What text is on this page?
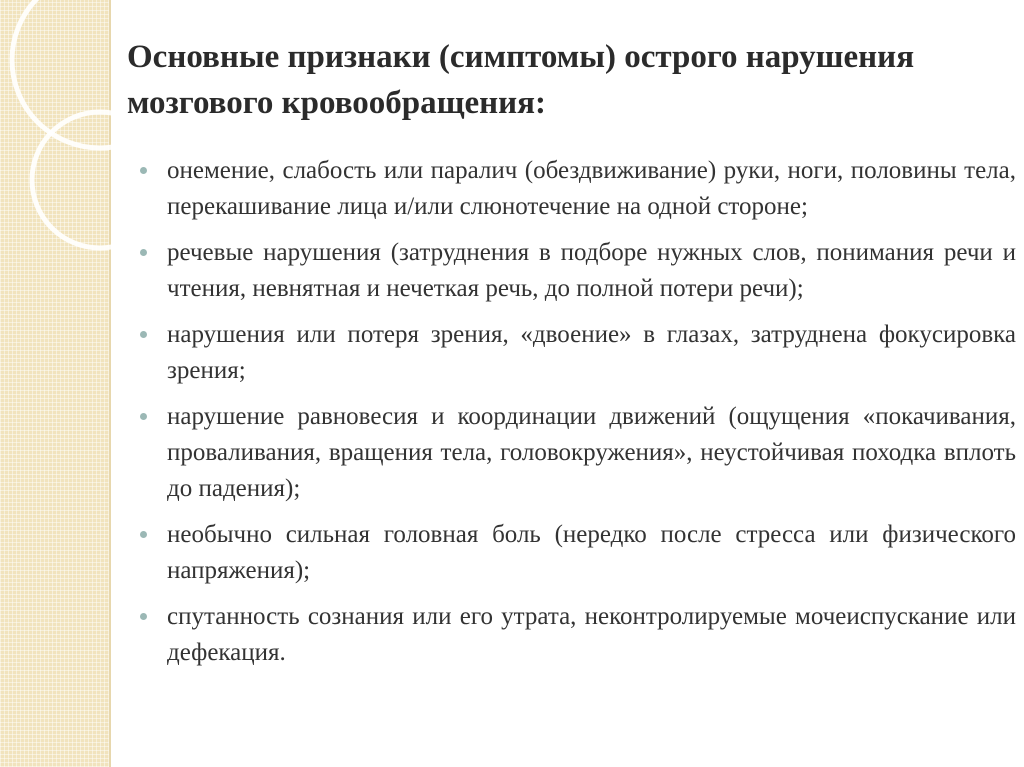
Основные признаки (симптомы) острого нарушения мозгового кровообращения:
онемение, слабость или паралич (обездвиживание) руки, ноги, половины тела, перекашивание лица и/или слюнотечение на одной стороне;
речевые нарушения (затруднения в подборе нужных слов, понимания речи и чтения, невнятная и нечеткая речь, до полной потери речи);
нарушения или потеря зрения, «двоение» в глазах, затруднена фокусировка зрения;
нарушение равновесия и координации движений (ощущения «покачивания, проваливания, вращения тела, головокружения», неустойчивая походка вплоть до падения);
необычно сильная головная боль (нередко после стресса или физического напряжения);
спутанность сознания или его утрата, неконтролируемые мочеиспускание или дефекация.
